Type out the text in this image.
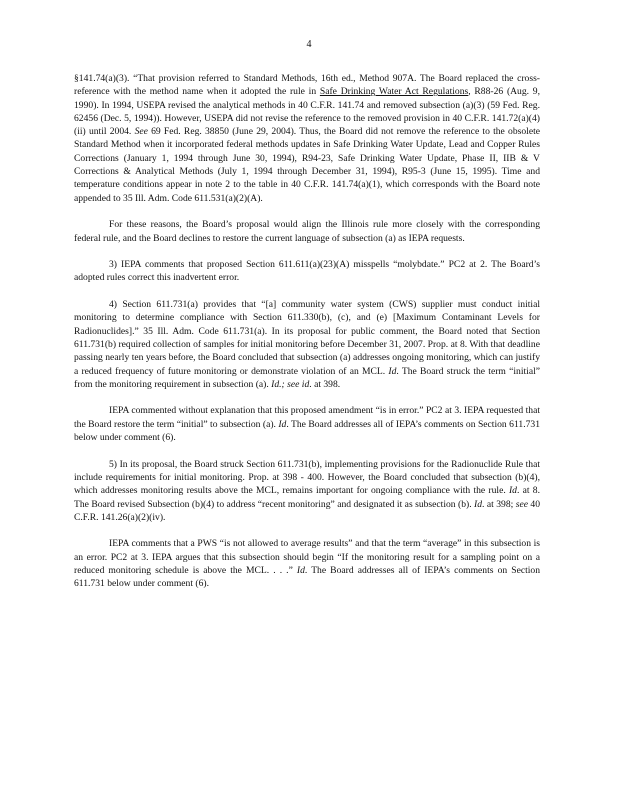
4

§141.74(a)(3). “That provision referred to Standard Methods, 16th ed., Method 907A. The Board replaced the cross-reference with the method name when it adopted the rule in Safe Drinking Water Act Regulations, R88-26 (Aug. 9, 1990). In 1994, USEPA revised the analytical methods in 40 C.F.R. 141.74 and removed subsection (a)(3) (59 Fed. Reg. 62456 (Dec. 5, 1994)). However, USEPA did not revise the reference to the removed provision in 40 C.F.R. 141.72(a)(4)(ii) until 2004. See 69 Fed. Reg. 38850 (June 29, 2004). Thus, the Board did not remove the reference to the obsolete Standard Method when it incorporated federal methods updates in Safe Drinking Water Update, Lead and Copper Rules Corrections (January 1, 1994 through June 30, 1994), R94-23, Safe Drinking Water Update, Phase II, IIB & V Corrections & Analytical Methods (July 1, 1994 through December 31, 1994), R95-3 (June 15, 1995). Time and temperature conditions appear in note 2 to the table in 40 C.F.R. 141.74(a)(1), which corresponds with the Board note appended to 35 Ill. Adm. Code 611.531(a)(2)(A).

For these reasons, the Board’s proposal would align the Illinois rule more closely with the corresponding federal rule, and the Board declines to restore the current language of subsection (a) as IEPA requests.

3) IEPA comments that proposed Section 611.611(a)(23)(A) misspells “molybdate.” PC2 at 2. The Board’s adopted rules correct this inadvertent error.

4) Section 611.731(a) provides that “[a] community water system (CWS) supplier must conduct initial monitoring to determine compliance with Section 611.330(b), (c), and (e) [Maximum Contaminant Levels for Radionuclides].” 35 Ill. Adm. Code 611.731(a). In its proposal for public comment, the Board noted that Section 611.731(b) required collection of samples for initial monitoring before December 31, 2007. Prop. at 8. With that deadline passing nearly ten years before, the Board concluded that subsection (a) addresses ongoing monitoring, which can justify a reduced frequency of future monitoring or demonstrate violation of an MCL. Id. The Board struck the term “initial” from the monitoring requirement in subsection (a). Id.; see id. at 398.

IEPA commented without explanation that this proposed amendment “is in error.” PC2 at 3. IEPA requested that the Board restore the term “initial” to subsection (a). Id. The Board addresses all of IEPA’s comments on Section 611.731 below under comment (6).

5) In its proposal, the Board struck Section 611.731(b), implementing provisions for the Radionuclide Rule that include requirements for initial monitoring. Prop. at 398 - 400. However, the Board concluded that subsection (b)(4), which addresses monitoring results above the MCL, remains important for ongoing compliance with the rule. Id. at 8. The Board revised Subsection (b)(4) to address “recent monitoring” and designated it as subsection (b). Id. at 398; see 40 C.F.R. 141.26(a)(2)(iv).

IEPA comments that a PWS “is not allowed to average results” and that the term “average” in this subsection is an error. PC2 at 3. IEPA argues that this subsection should begin “If the monitoring result for a sampling point on a reduced monitoring schedule is above the MCL. . . .” Id. The Board addresses all of IEPA’s comments on Section 611.731 below under comment (6).
